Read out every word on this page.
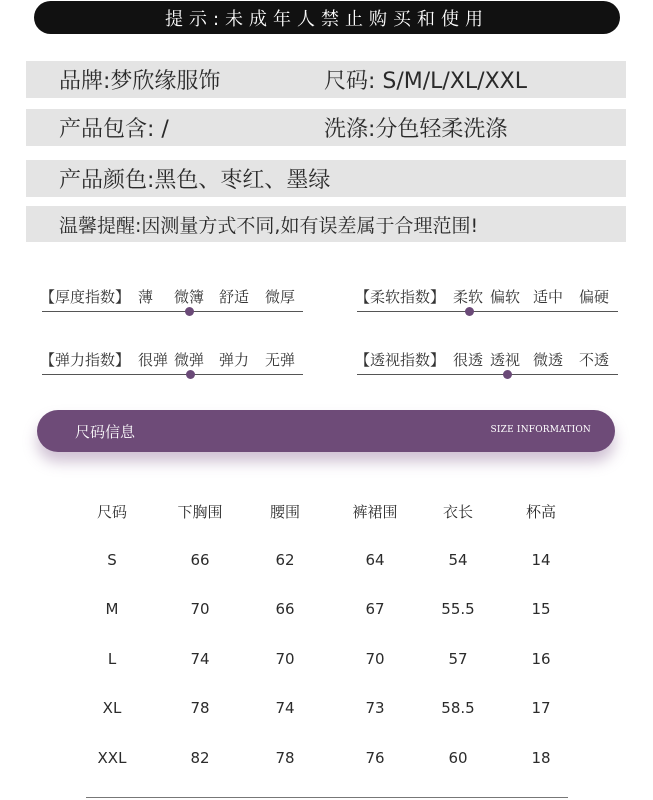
提示:未成年人禁止购买和使用
品牌:梦欣缘服饰	尺码: S/M/L/XL/XXL
产品包含: /	洗涤:分色轻柔洗涤
产品颜色:黑色、枣红、墨绿
温馨提醒:因测量方式不同,如有误差属于合理范围!
【厚度指数】 薄 微簿 舒适 微厚	【柔软指数】 柔软 偏软 适中 偏硬
【弹力指数】 很弹 微弹 弹力 无弹	【透视指数】 很透 透视 微透 不透
尺码信息	SIZE INFORMATION
尺码	下胸围	腰围	裤裙围	衣长	杯高
S	66	62	64	54	14
M	70	66	67	55.5	15
L	74	70	70	57	16
XL	78	74	73	58.5	17
XXL	82	78	76	60	18
